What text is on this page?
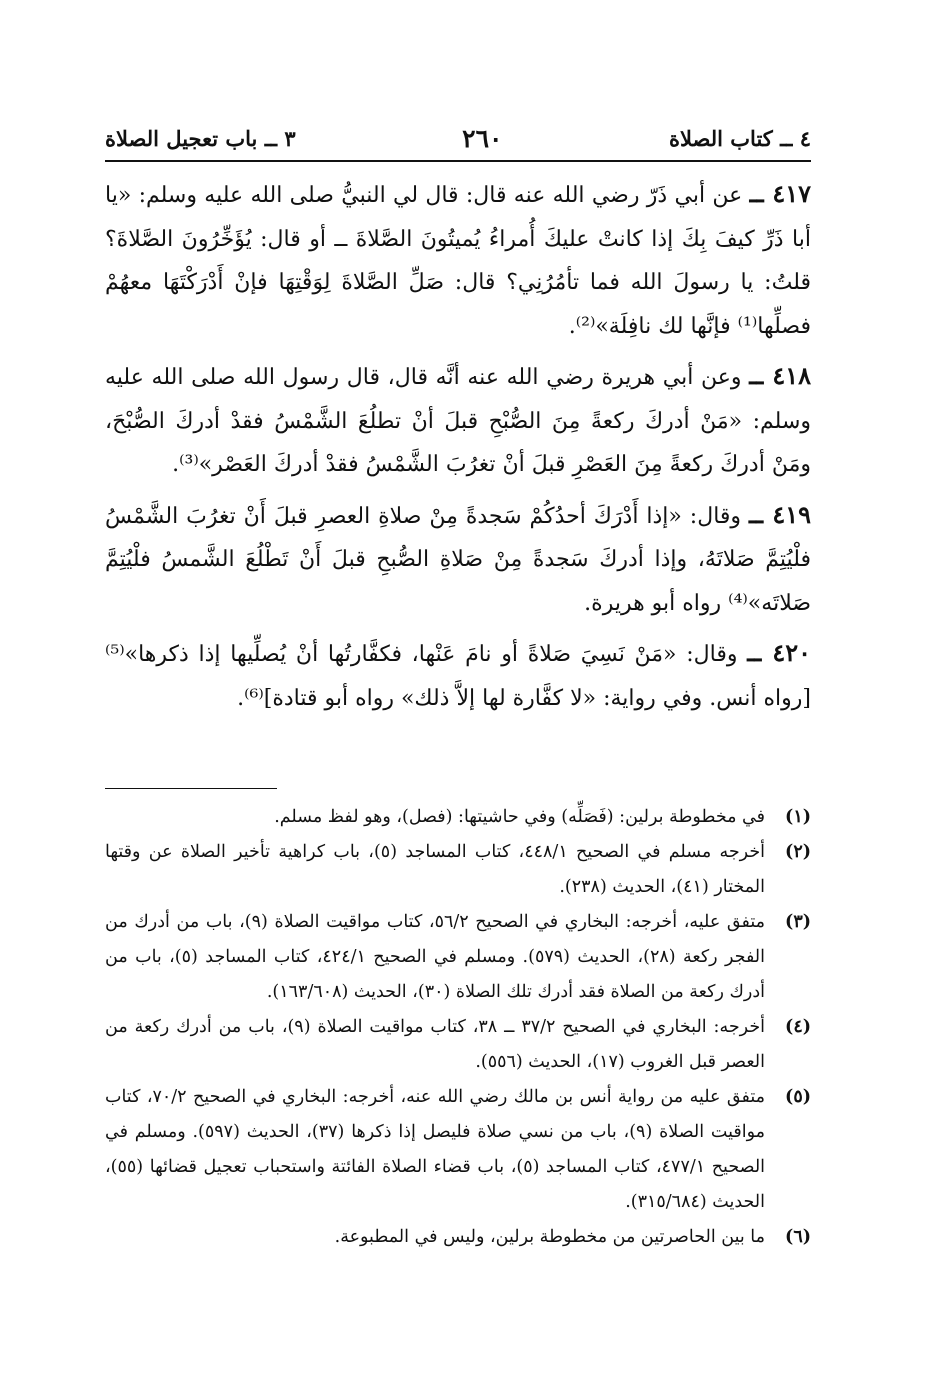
٤ ــ كتاب الصلاة
٢٦٠
٣ ــ باب تعجيل الصلاة

٤١٧ ــ عن أبي ذَرّ رضي الله عنه قال: قال لي النبيُّ صلى الله عليه وسلم: «يا أبا ذَرِّ كيفَ بِكَ إذا كانتْ عليكَ أُمراءُ يُميتُونَ الصَّلاةَ ــ أو قال: يُؤَخِّرُونَ الصَّلاةَ؟ قلتُ: يا رسولَ الله فما تأمُرُنِي؟ قال: صَلِّ الصَّلاةَ لِوَقْتِهَا فإنْ أَدْرَكْتَهَا معهُمْ فصلِّها⁽¹⁾ فإنَّها لك نافِلَة»⁽²⁾.

٤١٨ ــ وعن أبي هريرة رضي الله عنه أنَّه قال، قال رسول الله صلى الله عليه وسلم: «مَنْ أدركَ ركعةً مِنَ الصُّبْحِ قبلَ أنْ تطلُعَ الشَّمْسُ فقدْ أدركَ الصُّبْحَ، ومَنْ أدركَ ركعةً مِنَ العَصْرِ قبلَ أنْ تغرُبَ الشَّمْسُ فقدْ أدركَ العَصْر»⁽³⁾.

٤١٩ ــ وقال: «إذا أَدْرَكَ أحدُكُمْ سَجدةً مِنْ صلاةِ العصرِ قبلَ أَنْ تغرُبَ الشَّمْسُ فلْيُتِمَّ صَلاتَهُ، وإذا أدركَ سَجدةً مِنْ صَلاةِ الصُّبحِ قبلَ أَنْ تَطْلُعَ الشَّمسُ فلْيُتِمَّ صَلاتَه»⁽⁴⁾ رواه أبو هريرة.

٤٢٠ ــ وقال: «مَنْ نَسِيَ صَلاةً أو نامَ عَنْها، فكفَّارتُها أنْ يُصلِّيها إذا ذكرها»⁽⁵⁾ [رواه أنس. وفي رواية: «لا كفَّارة لها إلاَّ ذلك» رواه أبو قتادة]⁽⁶⁾.

(١)
في مخطوطة برلين: (فَصَلِّه) وفي حاشيتها: (فصل)، وهو لفظ مسلم.
(٢)
أخرجه مسلم في الصحيح ٤٤٨/١، كتاب المساجد (٥)، باب كراهية تأخير الصلاة عن وقتها المختار (٤١)، الحديث (٢٣٨).
(٣)
متفق عليه، أخرجه: البخاري في الصحيح ٥٦/٢، كتاب مواقيت الصلاة (٩)، باب من أدرك من الفجر ركعة (٢٨)، الحديث (٥٧٩). ومسلم في الصحيح ٤٢٤/١، كتاب المساجد (٥)، باب من أدرك ركعة من الصلاة فقد أدرك تلك الصلاة (٣٠)، الحديث (١٦٣/٦٠٨).
(٤)
أخرجه: البخاري في الصحيح ٣٧/٢ ــ ٣٨، كتاب مواقيت الصلاة (٩)، باب من أدرك ركعة من العصر قبل الغروب (١٧)، الحديث (٥٥٦).
(٥)
متفق عليه من رواية أنس بن مالك رضي الله عنه، أخرجه: البخاري في الصحيح ٧٠/٢، كتاب مواقيت الصلاة (٩)، باب من نسي صلاة فليصل إذا ذكرها (٣٧)، الحديث (٥٩٧). ومسلم في الصحيح ٤٧٧/١، كتاب المساجد (٥)، باب قضاء الصلاة الفائتة واستحباب تعجيل قضائها (٥٥)، الحديث (٣١٥/٦٨٤).
(٦)
ما بين الحاصرتين من مخطوطة برلين، وليس في المطبوعة.
